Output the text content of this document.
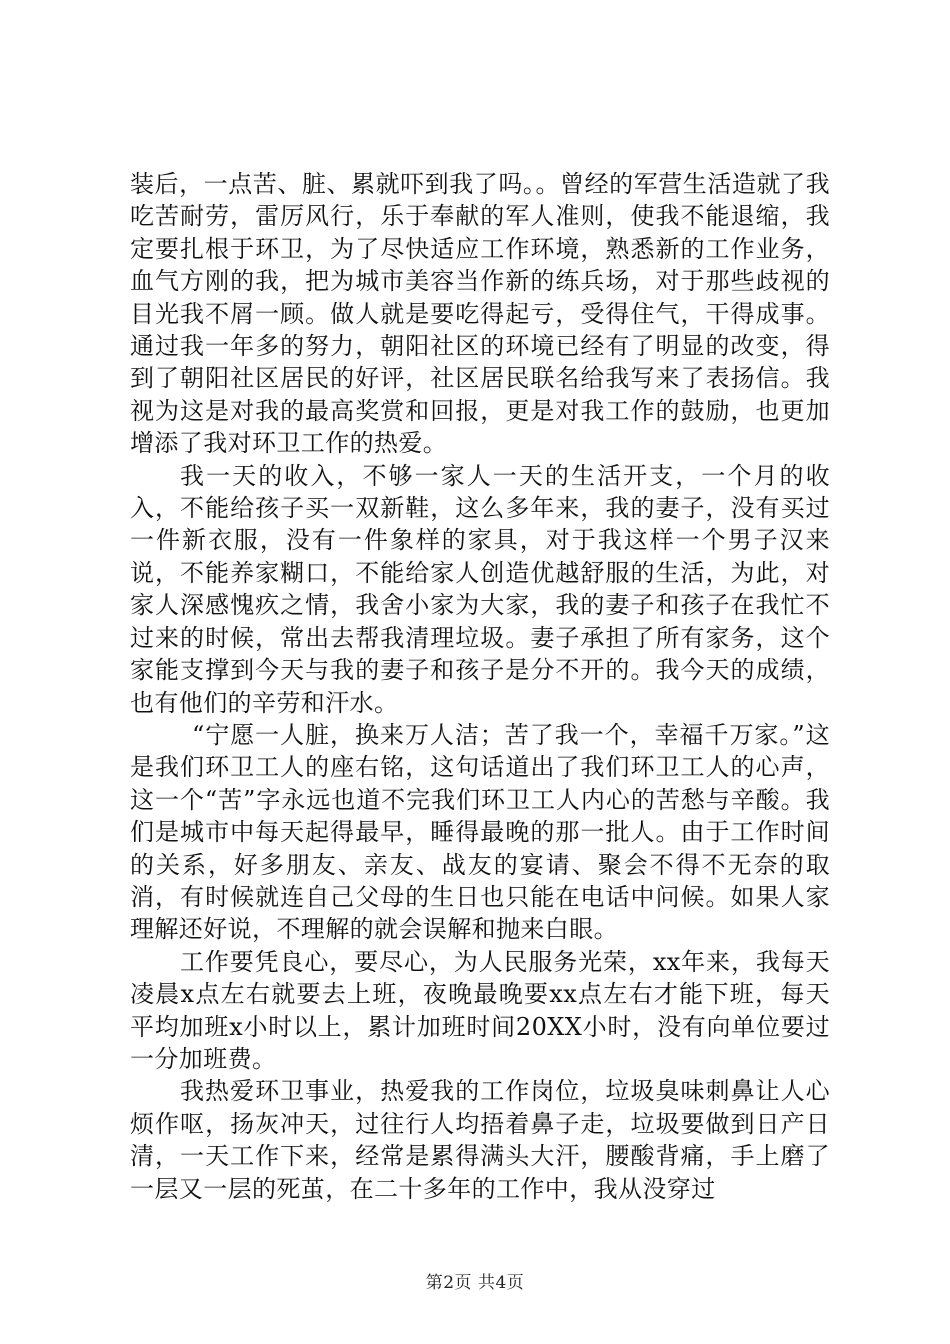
装后，一点苦、脏、累就吓到我了吗。。曾经的军营生活造就了我吃苦耐劳，雷厉风行，乐于奉献的军人准则，使我不能退缩，我定要扎根于环卫，为了尽快适应工作环境，熟悉新的工作业务，血气方刚的我，把为城市美容当作新的练兵场，对于那些歧视的目光我不屑一顾。做人就是要吃得起亏，受得住气，干得成事。通过我一年多的努力，朝阳社区的环境已经有了明显的改变，得到了朝阳社区居民的好评，社区居民联名给我写来了表扬信。我视为这是对我的最高奖赏和回报，更是对我工作的鼓励，也更加增添了我对环卫工作的热爱。

我一天的收入，不够一家人一天的生活开支，一个月的收入，不能给孩子买一双新鞋，这么多年来，我的妻子，没有买过一件新衣服，没有一件象样的家具，对于我这样一个男子汉来说，不能养家糊口，不能给家人创造优越舒服的生活，为此，对家人深感愧疚之情，我舍小家为大家，我的妻子和孩子在我忙不过来的时候，常出去帮我清理垃圾。妻子承担了所有家务，这个家能支撑到今天与我的妻子和孩子是分不开的。我今天的成绩，也有他们的辛劳和汗水。

“宁愿一人脏，换来万人洁；苦了我一个，幸福千万家。”这是我们环卫工人的座右铭，这句话道出了我们环卫工人的心声，这一个“苦”字永远也道不完我们环卫工人内心的苦愁与辛酸。我们是城市中每天起得最早，睡得最晚的那一批人。由于工作时间的关系，好多朋友、亲友、战友的宴请、聚会不得不无奈的取消，有时候就连自己父母的生日也只能在电话中问候。如果人家理解还好说，不理解的就会误解和抛来白眼。

工作要凭良心，要尽心，为人民服务光荣，xx年来，我每天凌晨x点左右就要去上班，夜晚最晚要xx点左右才能下班，每天平均加班x小时以上，累计加班时间20XX小时，没有向单位要过一分加班费。

我热爱环卫事业，热爱我的工作岗位，垃圾臭味刺鼻让人心烦作呕，扬灰冲天，过往行人均捂着鼻子走，垃圾要做到日产日清，一天工作下来，经常是累得满头大汗，腰酸背痛，手上磨了一层又一层的死茧，在二十多年的工作中，我从没穿过

第2页 共4页
